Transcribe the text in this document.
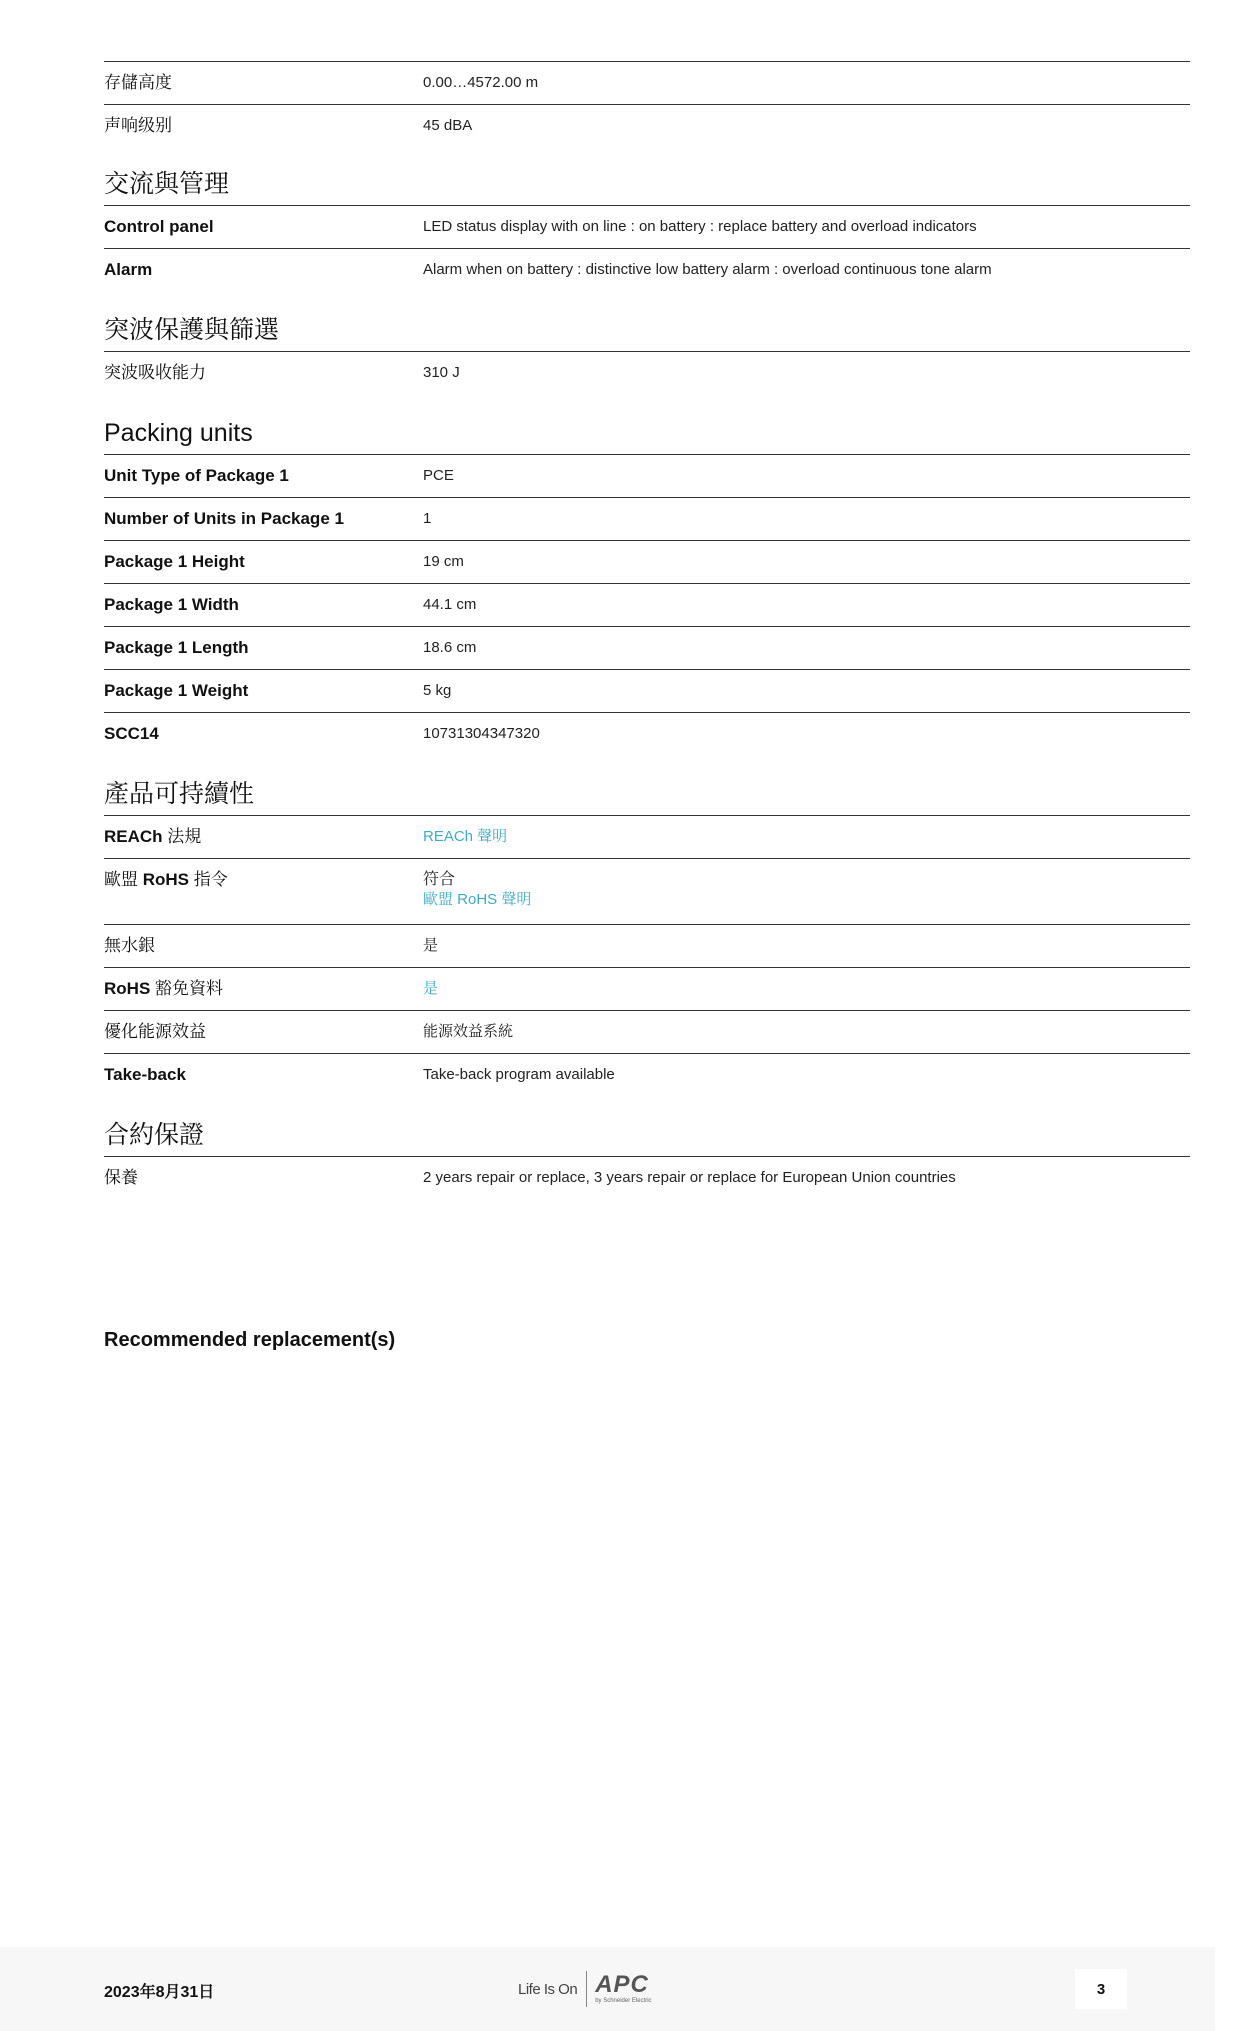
存儲高度	0.00…4572.00 m
声响级别	45 dBA
交流與管理
Control panel	LED status display with on line : on battery : replace battery and overload indicators
Alarm	Alarm when on battery : distinctive low battery alarm : overload continuous tone alarm
突波保護與篩選
突波吸收能力	310 J
Packing units
Unit Type of Package 1	PCE
Number of Units in Package 1	1
Package 1 Height	19 cm
Package 1 Width	44.1 cm
Package 1 Length	18.6 cm
Package 1 Weight	5 kg
SCC14	10731304347320
產品可持續性
REACh 法規	REACh 聲明
歐盟 RoHS 指令	符合
歐盟 RoHS 聲明
無水銀	是
RoHS 豁免資料	是
優化能源效益	能源效益系統
Take-back	Take-back program available
合約保證
保養	2 years repair or replace, 3 years repair or replace for European Union countries
Recommended replacement(s)
2023年8月31日	Life Is On APC
by Schneider Electric
3
